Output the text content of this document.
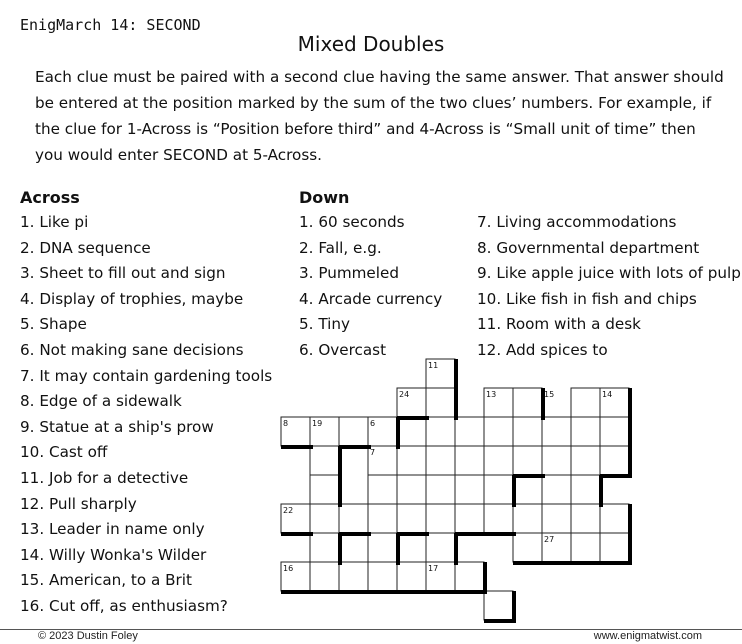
EnigMarch 14: SECOND
Mixed Doubles
Each clue must be paired with a second clue having the same answer. That answer should be entered at the position marked by the sum of the two clues’ numbers. For example, if the clue for 1-Across is “Position before third” and 4-Across is “Small unit of time” then you would enter SECOND at 5-Across.
Across
1. Like pi
2. DNA sequence
3. Sheet to fill out and sign
4. Display of trophies, maybe
5. Shape
6. Not making sane decisions
7. It may contain gardening tools
8. Edge of a sidewalk
9. Statue at a ship's prow
10. Cast off
11. Job for a detective
12. Pull sharply
13. Leader in name only
14. Willy Wonka's Wilder
15. American, to a Brit
16. Cut off, as enthusiasm?
Down
1. 60 seconds
2. Fall, e.g.
3. Pummeled
4. Arcade currency
5. Tiny
6. Overcast
7. Living accommodations
8. Governmental department
9. Like apple juice with lots of pulp
10. Like fish in fish and chips
11. Room with a desk
12. Add spices to
11
24	13	15	14
8	19	6
7
22
27
16	17
© 2023 Dustin Foley	www.enigmatwist.com
